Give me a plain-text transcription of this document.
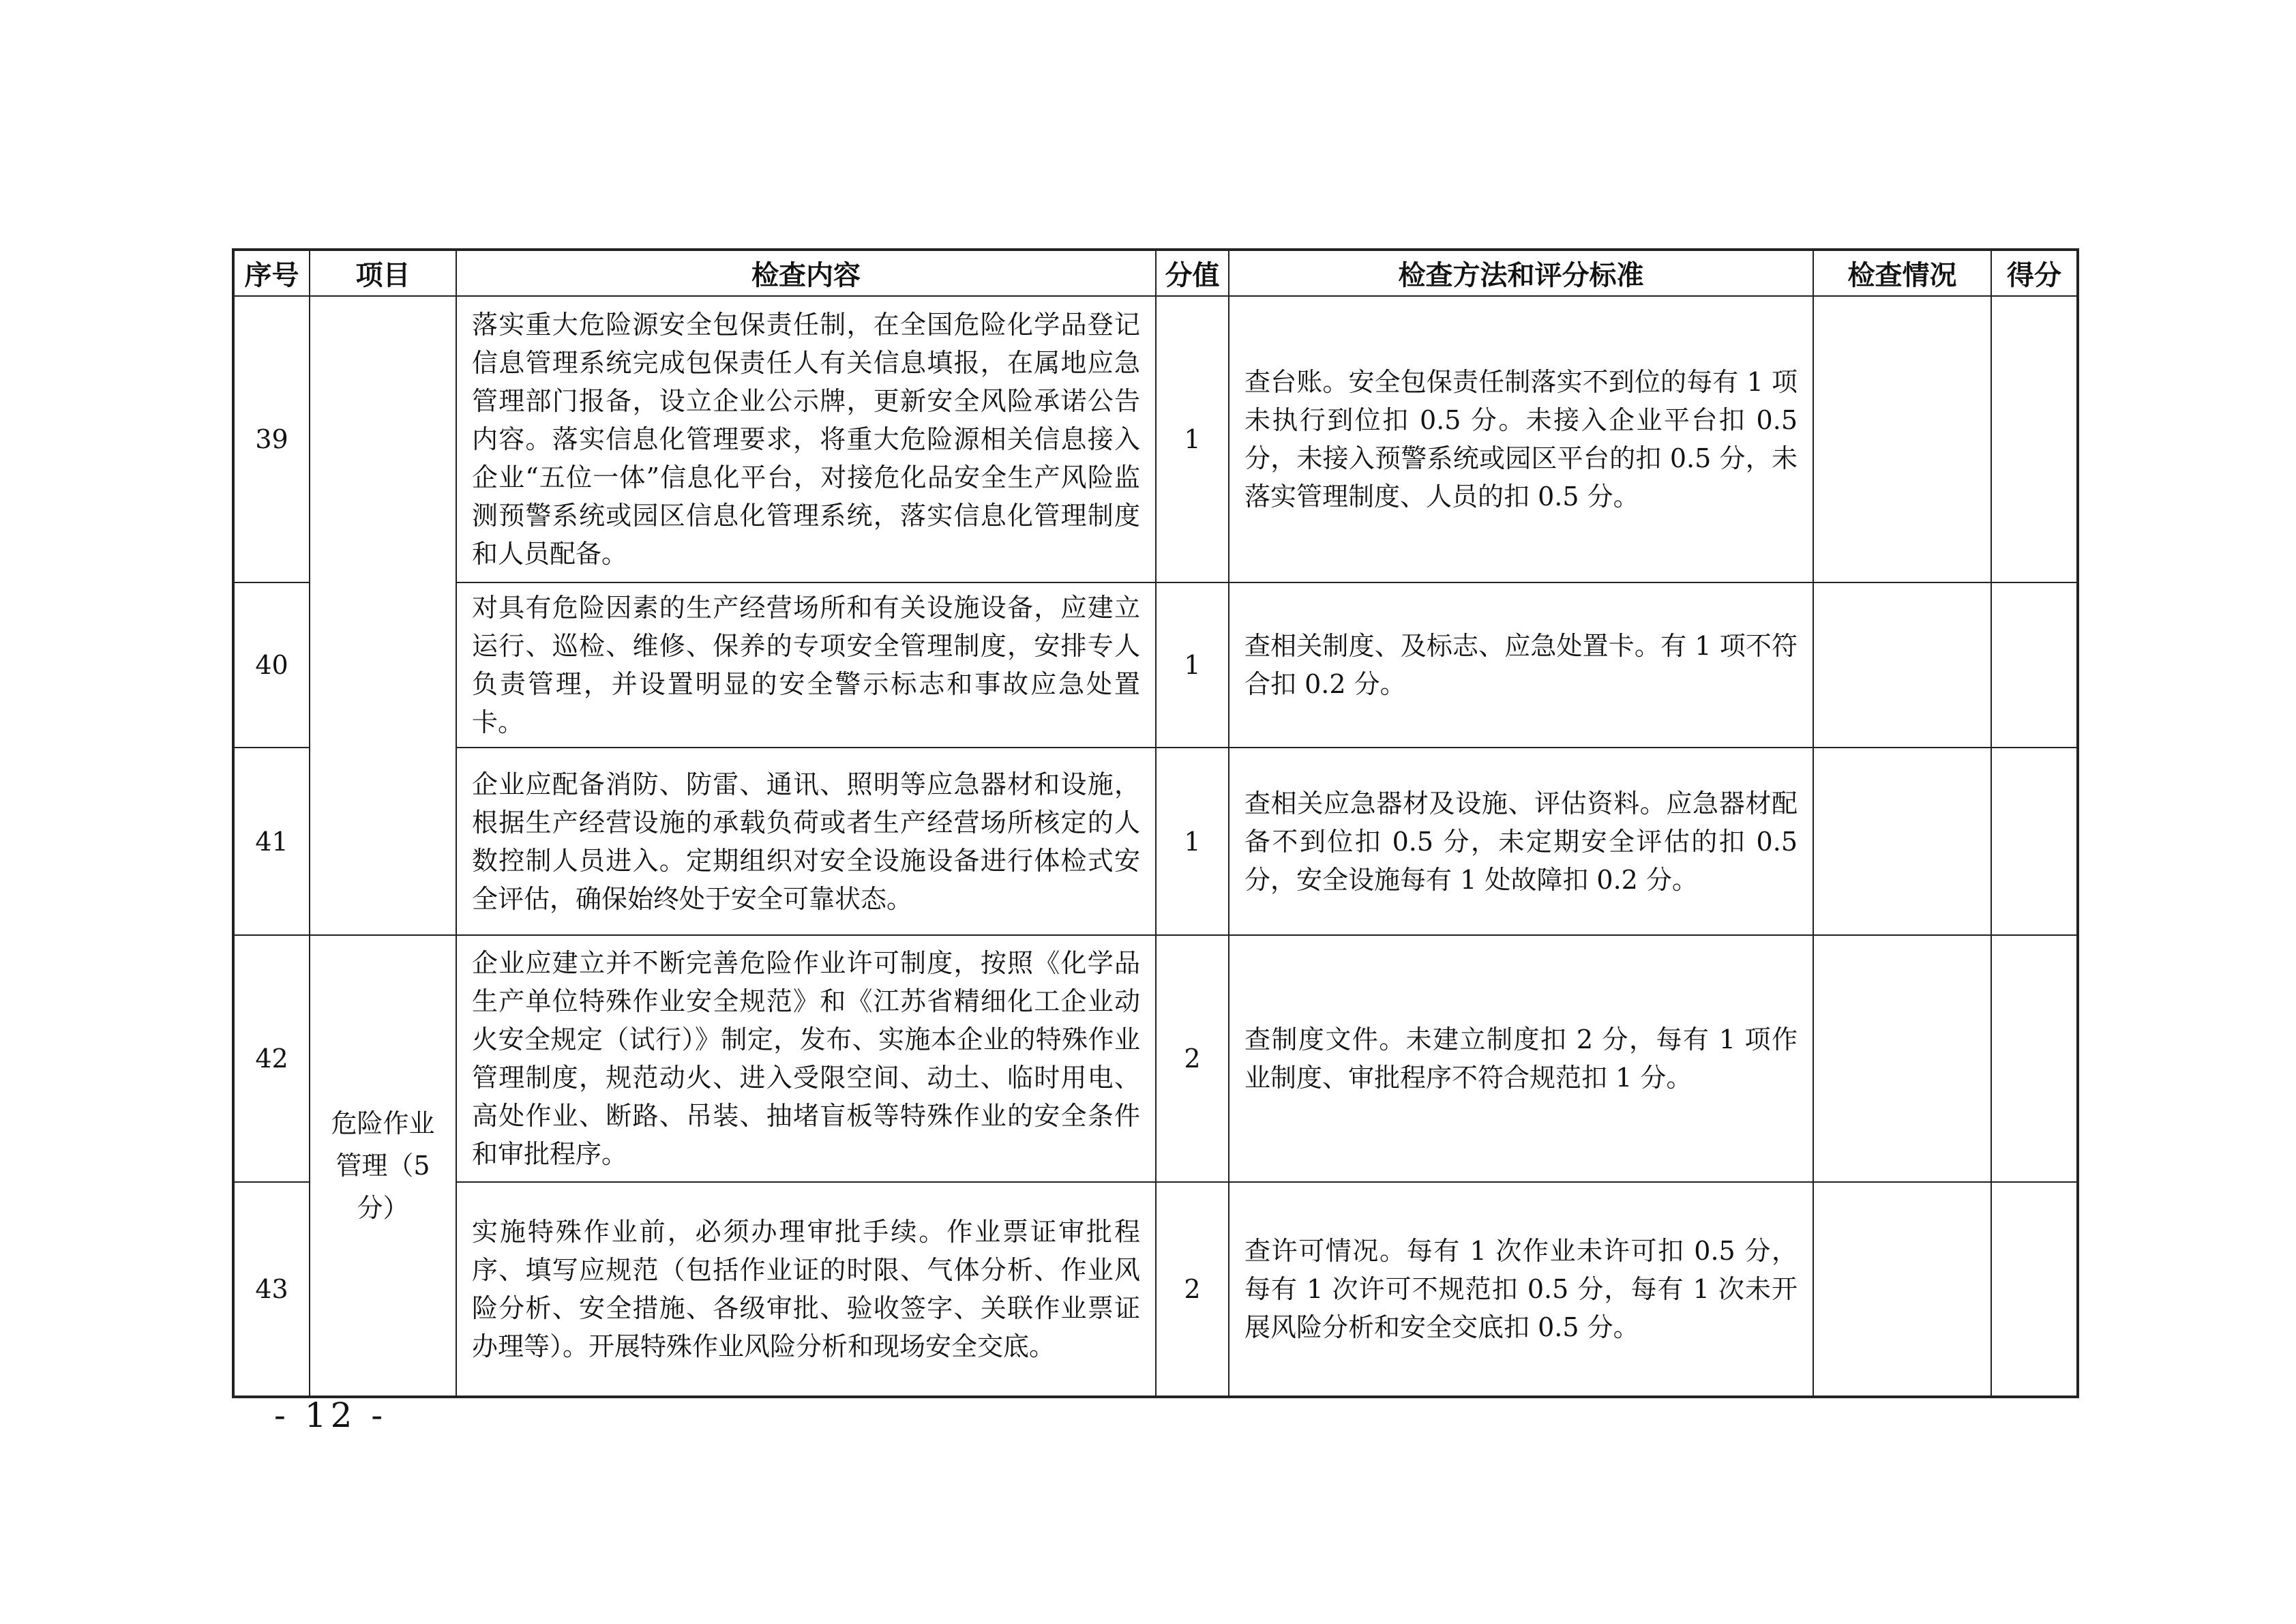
序号	项目	检查内容	分值	检查方法和评分标准	检查情况	得分
39		落实重大危险源安全包保责任制，在全国危险化学品登记信息管理系统完成包保责任人有关信息填报，在属地应急管理部门报备，设立企业公示牌，更新安全风险承诺公告内容。落实信息化管理要求，将重大危险源相关信息接入企业“五位一体”信息化平台，对接危化品安全生产风险监测预警系统或园区信息化管理系统，落实信息化管理制度和人员配备。	1	查台账。安全包保责任制落实不到位的每有 1 项未执行到位扣 0.5 分。未接入企业平台扣 0.5 分，未接入预警系统或园区平台的扣 0.5 分，未落实管理制度、人员的扣 0.5 分。		
40		对具有危险因素的生产经营场所和有关设施设备，应建立运行、巡检、维修、保养的专项安全管理制度，安排专人负责管理，并设置明显的安全警示标志和事故应急处置卡。	1	查相关制度、及标志、应急处置卡。有 1 项不符合扣 0.2 分。		
41		企业应配备消防、防雷、通讯、照明等应急器材和设施，根据生产经营设施的承载负荷或者生产经营场所核定的人数控制人员进入。定期组织对安全设施设备进行体检式安全评估，确保始终处于安全可靠状态。	1	查相关应急器材及设施、评估资料。应急器材配备不到位扣 0.5 分，未定期安全评估的扣 0.5 分，安全设施每有 1 处故障扣 0.2 分。		
42	危险作业管理（5分）	企业应建立并不断完善危险作业许可制度，按照《化学品生产单位特殊作业安全规范》和《江苏省精细化工企业动火安全规定（试行）》制定，发布、实施本企业的特殊作业管理制度，规范动火、进入受限空间、动土、临时用电、高处作业、断路、吊装、抽堵盲板等特殊作业的安全条件和审批程序。	2	查制度文件。未建立制度扣 2 分，每有 1 项作业制度、审批程序不符合规范扣 1 分。		
43		实施特殊作业前，必须办理审批手续。作业票证审批程序、填写应规范（包括作业证的时限、气体分析、作业风险分析、安全措施、各级审批、验收签字、关联作业票证办理等）。开展特殊作业风险分析和现场安全交底。	2	查许可情况。每有 1 次作业未许可扣 0.5 分，每有 1 次许可不规范扣 0.5 分，每有 1 次未开展风险分析和安全交底扣 0.5 分。		
- 12 -
